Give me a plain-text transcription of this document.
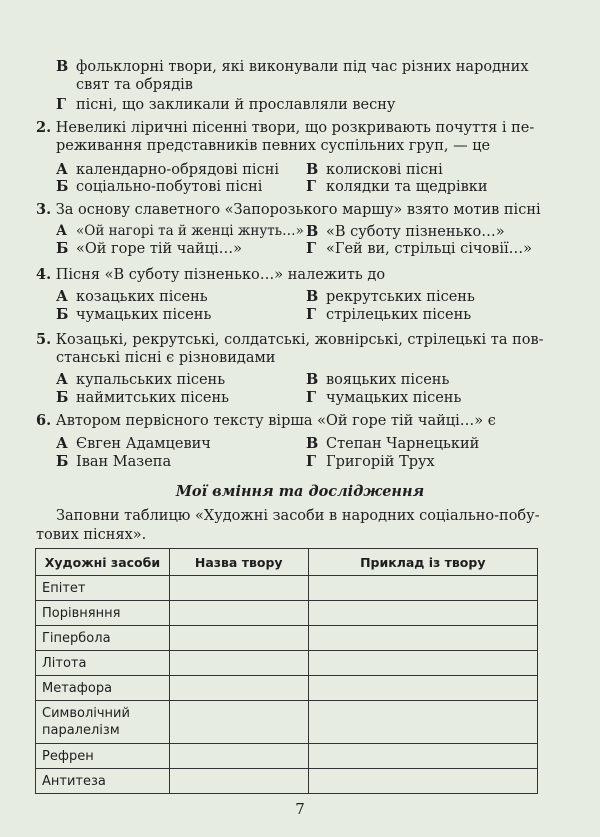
В фольклорні твори, які виконували під час різних народних
свят та обрядів
Г пісні, що закликали й прославляли весну
2. Невеликі ліричні пісенні твори, що розкривають почуття і пе-
реживання представників певних суспільних груп, — це
А календарно-обрядові пісні В колискові пісні
Б соціально-побутові пісні	Г колядки та щедрівки
3. За основу славетного «Запорозького маршу» взято мотив пісні
А «Ой нагорі та й женці жнуть…» В «В суботу пізненько…»
Б «Ой горе тій чайці…»	Г «Гей ви, стрільці січовії…»
4. Пісня «В суботу пізненько…» належить до
А козацьких пісень	В рекрутських пісень
Б чумацьких пісень	Г стрілецьких пісень
5. Козацькі, рекрутські, солдатські, жовнірські, стрілецькі та пов-
станські пісні є різновидами
А купальських пісень	В вояцьких пісень
Б наймитських пісень	Г чумацьких пісень
6. Автором первісного тексту вірша «Ой горе тій чайці…» є
А Євген Адамцевич	В Степан Чарнецький
Б Іван Мазепа	Г Григорій Трух
Мої вміння та дослідження
Заповни таблицю «Художні засоби в народних соціально-побу-
тових піснях».
Художні засоби	Назва твору	Приклад із твору
Епітет		
Порівняння		
Гіпербола		
Літота		
Метафора		
Символічний паралелізм		
Рефрен		
Антитеза		
7
